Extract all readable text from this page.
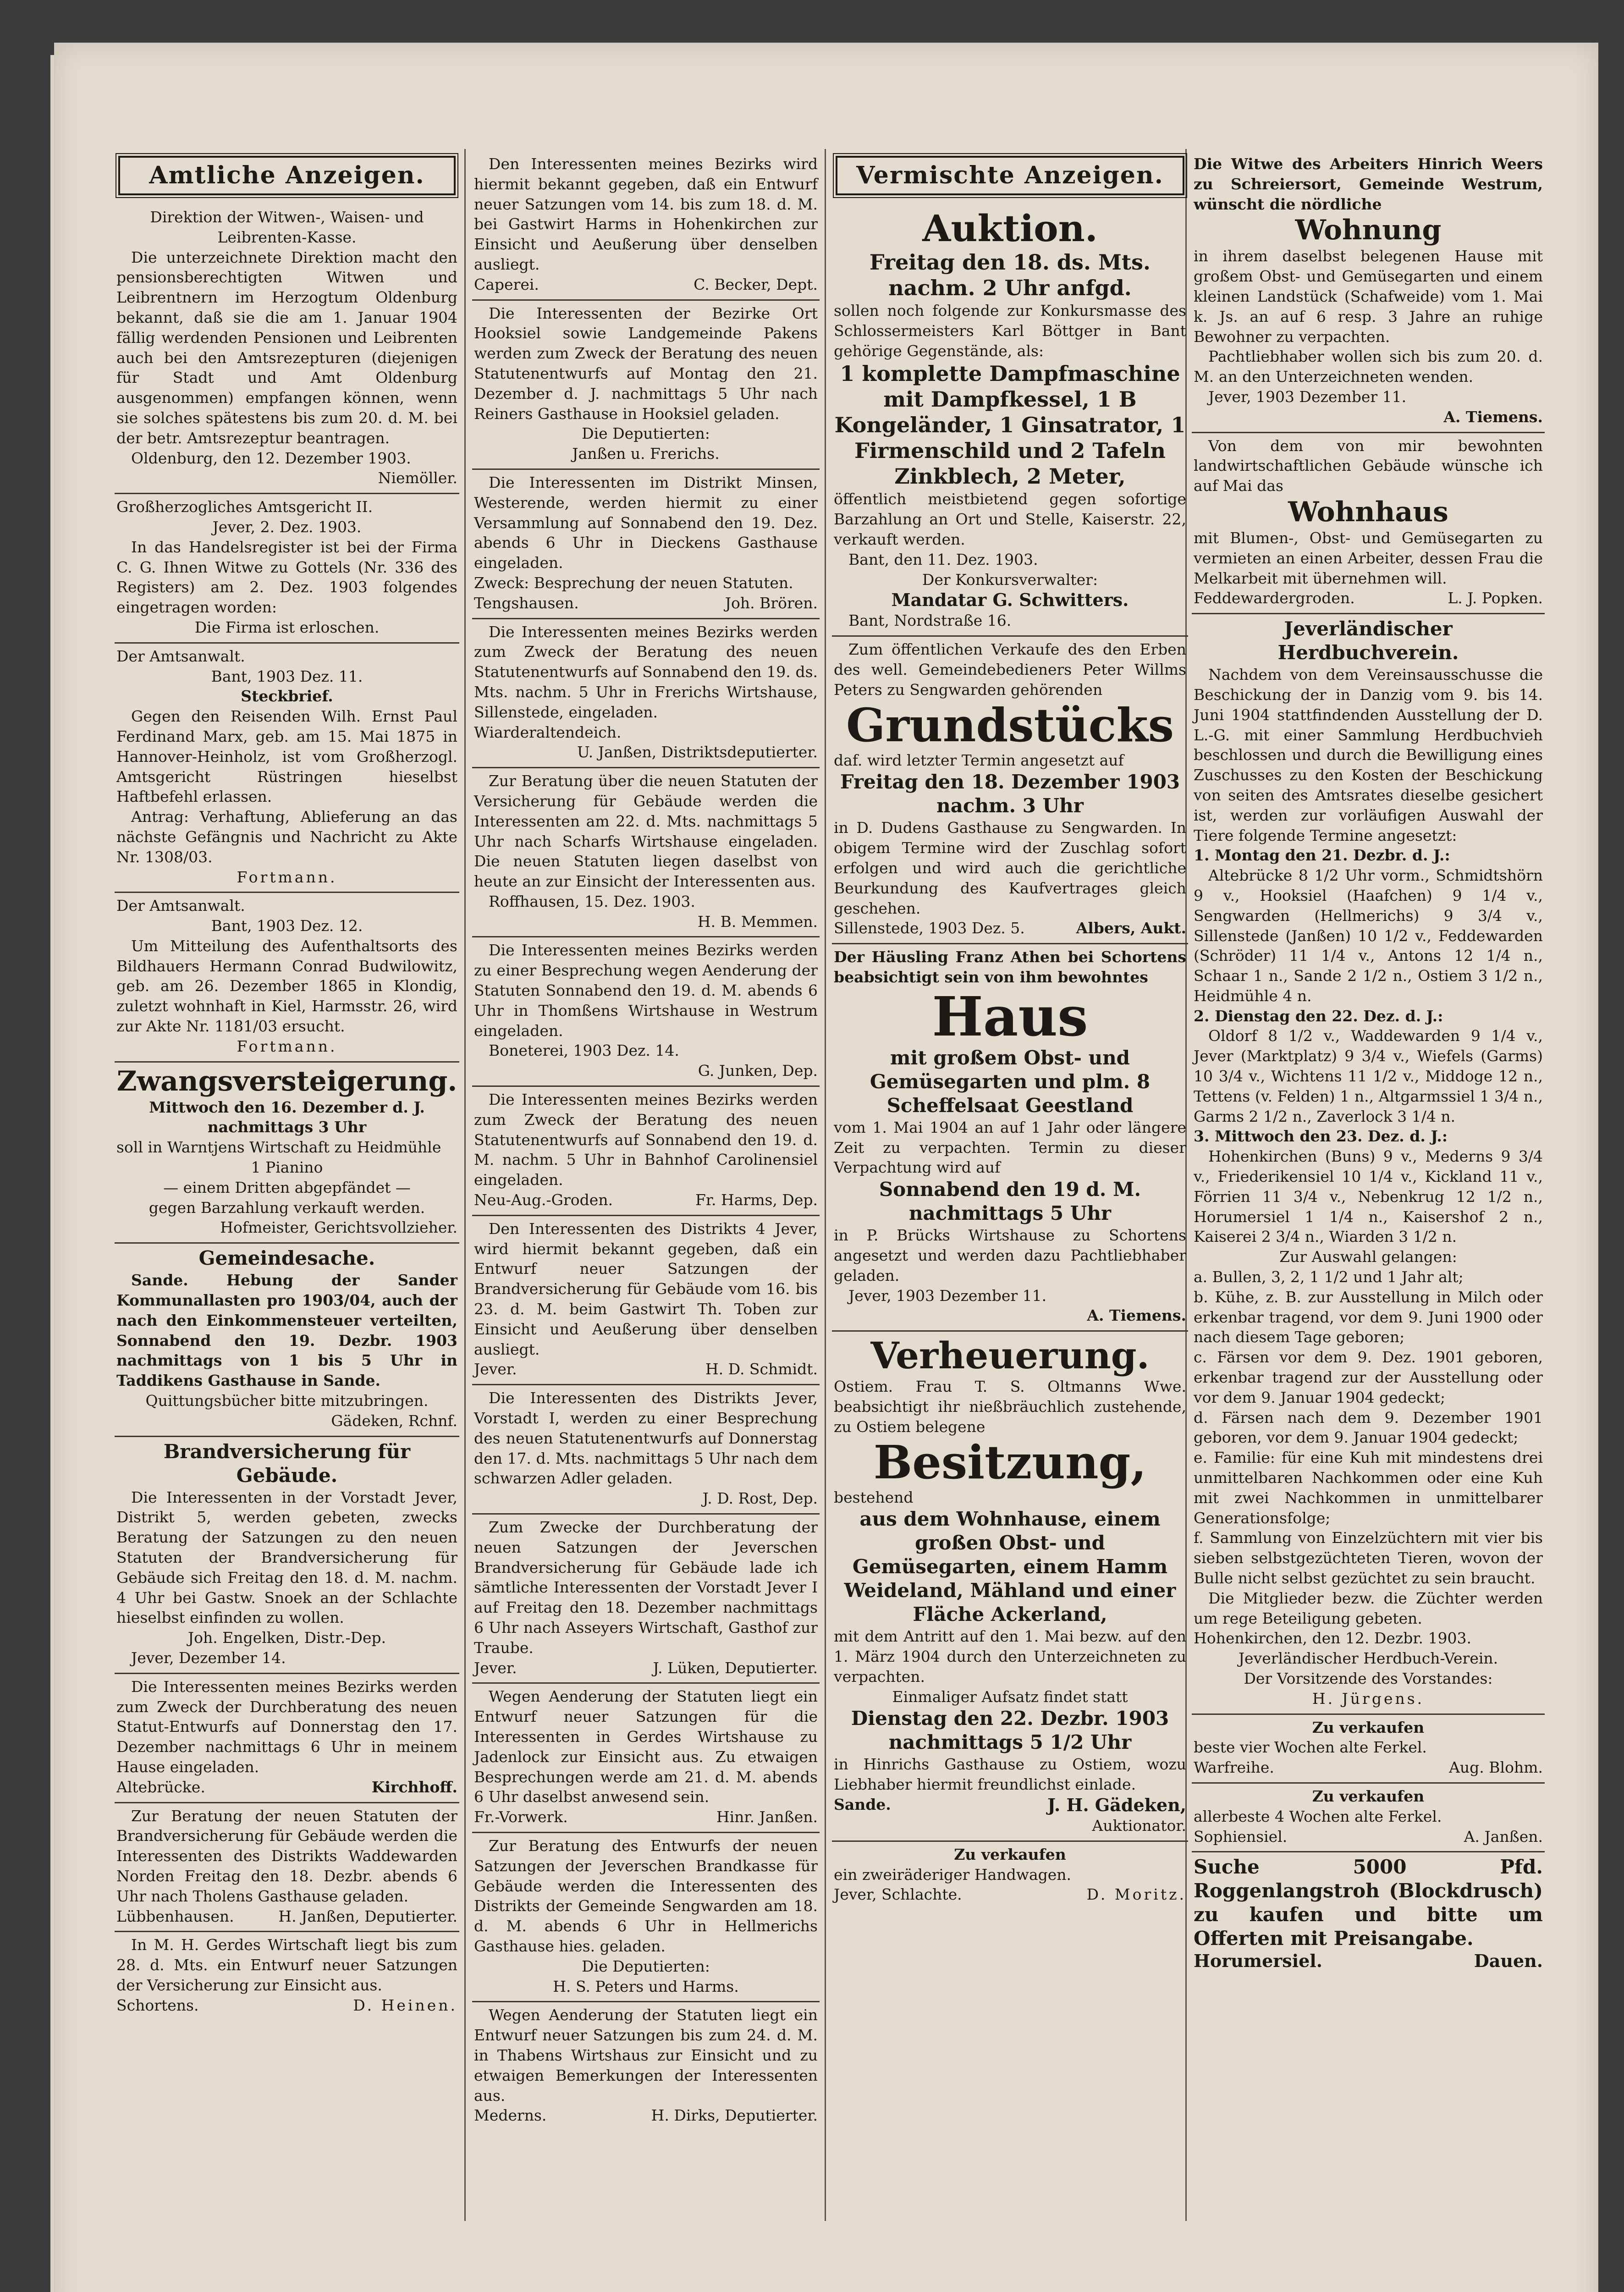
Amtliche Anzeigen.

Direktion der Witwen-, Waisen- und Leibrenten-Kasse.

Die unterzeichnete Direktion macht den pensionsberechtigten Witwen und Leibrentnern im Herzogtum Oldenburg bekannt, daß sie die am 1. Januar 1904 fällig werdenden Pensionen und Leibrenten auch bei den Amtsrezepturen (diejenigen für Stadt und Amt Oldenburg ausgenommen) empfangen können, wenn sie solches spätestens bis zum 20. d. M. bei der betr. Amtsrezeptur beantragen.

Oldenburg, den 12. Dezember 1903.

Niemöller.

Großherzogliches Amtsgericht II.

Jever, 2. Dez. 1903.

In das Handelsregister ist bei der Firma C. G. Ihnen Witwe zu Gottels (Nr. 336 des Registers) am 2. Dez. 1903 folgendes eingetragen worden:

Die Firma ist erloschen.

Der Amtsanwalt.

Bant, 1903 Dez. 11.

Steckbrief.

Gegen den Reisenden Wilh. Ernst Paul Ferdinand Marx, geb. am 15. Mai 1875 in Hannover-Heinholz, ist vom Großherzogl. Amtsgericht Rüstringen hieselbst Haftbefehl erlassen.

Antrag: Verhaftung, Ablieferung an das nächste Gefängnis und Nachricht zu Akte Nr. 1308/03.

Fortmann.

Der Amtsanwalt.

Bant, 1903 Dez. 12.

Um Mitteilung des Aufenthaltsorts des Bildhauers Hermann Conrad Budwilowitz, geb. am 26. Dezember 1865 in Klondig, zuletzt wohnhaft in Kiel, Harmsstr. 26, wird zur Akte Nr. 1181/03 ersucht.

Fortmann.

Zwangsversteigerung.

Mittwoch den 16. Dezember d. J. nachmittags 3 Uhr

soll in Warntjens Wirtschaft zu Heidmühle

1 Pianino

— einem Dritten abgepfändet —

gegen Barzahlung verkauft werden.

Hofmeister, Gerichtsvollzieher.

Gemeindesache.

Sande. Hebung der Sander Kommunallasten pro 1903/04, auch der nach den Einkommensteuer verteilten, Sonnabend den 19. Dezbr. 1903 nachmittags von 1 bis 5 Uhr in Taddikens Gasthause in Sande.

Quittungsbücher bitte mitzubringen.

Gädeken, Rchnf.

Brandversicherung für Gebäude.

Die Interessenten in der Vorstadt Jever, Distrikt 5, werden gebeten, zwecks Beratung der Satzungen zu den neuen Statuten der Brandversicherung für Gebäude sich Freitag den 18. d. M. nachm. 4 Uhr bei Gastw. Snoek an der Schlachte hieselbst einfinden zu wollen.

Joh. Engelken, Distr.-Dep.

Jever, Dezember 14.

Die Interessenten meines Bezirks werden zum Zweck der Durchberatung des neuen Statut-Entwurfs auf Donnerstag den 17. Dezember nachmittags 6 Uhr in meinem Hause eingeladen.

Altebrücke.	Kirchhoff.

Zur Beratung der neuen Statuten der Brandversicherung für Gebäude werden die Interessenten des Distrikts Waddewarden Norden Freitag den 18. Dezbr. abends 6 Uhr nach Tholens Gasthause geladen.

Lübbenhausen.	H. Janßen, Deputierter.

In M. H. Gerdes Wirtschaft liegt bis zum 28. d. Mts. ein Entwurf neuer Satzungen der Versicherung zur Einsicht aus.

Schortens.	D. Heinen.

Den Interessenten meines Bezirks wird hiermit bekannt gegeben, daß ein Entwurf neuer Satzungen vom 14. bis zum 18. d. M. bei Gastwirt Harms in Hohenkirchen zur Einsicht und Aeußerung über denselben ausliegt.

Caperei.	C. Becker, Dept.

Die Interessenten der Bezirke Ort Hooksiel sowie Landgemeinde Pakens werden zum Zweck der Beratung des neuen Statutenentwurfs auf Montag den 21. Dezember d. J. nachmittags 5 Uhr nach Reiners Gasthause in Hooksiel geladen.

Die Deputierten:

Janßen u. Frerichs.

Die Interessenten im Distrikt Minsen, Westerende, werden hiermit zu einer Versammlung auf Sonnabend den 19. Dez. abends 6 Uhr in Dieckens Gasthause eingeladen.

Zweck: Besprechung der neuen Statuten.

Tengshausen.	Joh. Brören.

Die Interessenten meines Bezirks werden zum Zweck der Beratung des neuen Statutenentwurfs auf Sonnabend den 19. ds. Mts. nachm. 5 Uhr in Frerichs Wirtshause, Sillenstede, eingeladen.

Wiarderaltendeich.

U. Janßen, Distriktsdeputierter.

Zur Beratung über die neuen Statuten der Versicherung für Gebäude werden die Interessenten am 22. d. Mts. nachmittags 5 Uhr nach Scharfs Wirtshause eingeladen. Die neuen Statuten liegen daselbst von heute an zur Einsicht der Interessenten aus.

Roffhausen, 15. Dez. 1903.

H. B. Memmen.

Die Interessenten meines Bezirks werden zu einer Besprechung wegen Aenderung der Statuten Sonnabend den 19. d. M. abends 6 Uhr in Thomßens Wirtshause in Westrum eingeladen.

Boneterei, 1903 Dez. 14.

G. Junken, Dep.

Die Interessenten meines Bezirks werden zum Zweck der Beratung des neuen Statutenentwurfs auf Sonnabend den 19. d. M. nachm. 5 Uhr in Bahnhof Carolinensiel eingeladen.

Neu-Aug.-Groden.	Fr. Harms, Dep.

Den Interessenten des Distrikts 4 Jever, wird hiermit bekannt gegeben, daß ein Entwurf neuer Satzungen der Brandversicherung für Gebäude vom 16. bis 23. d. M. beim Gastwirt Th. Toben zur Einsicht und Aeußerung über denselben ausliegt.

Jever.	H. D. Schmidt.

Die Interessenten des Distrikts Jever, Vorstadt I, werden zu einer Besprechung des neuen Statutenentwurfs auf Donnerstag den 17. d. Mts. nachmittags 5 Uhr nach dem schwarzen Adler geladen.

J. D. Rost, Dep.

Zum Zwecke der Durchberatung der neuen Satzungen der Jeverschen Brandversicherung für Gebäude lade ich sämtliche Interessenten der Vorstadt Jever I auf Freitag den 18. Dezember nachmittags 6 Uhr nach Asseyers Wirtschaft, Gasthof zur Traube.

Jever.	J. Lüken, Deputierter.

Wegen Aenderung der Statuten liegt ein Entwurf neuer Satzungen für die Interessenten in Gerdes Wirtshause zu Jadenlock zur Einsicht aus. Zu etwaigen Besprechungen werde am 21. d. M. abends 6 Uhr daselbst anwesend sein.

Fr.-Vorwerk.	Hinr. Janßen.

Zur Beratung des Entwurfs der neuen Satzungen der Jeverschen Brandkasse für Gebäude werden die Interessenten des Distrikts der Gemeinde Sengwarden am 18. d. M. abends 6 Uhr in Hellmerichs Gasthause hies. geladen.

Die Deputierten:

H. S. Peters und Harms.

Wegen Aenderung der Statuten liegt ein Entwurf neuer Satzungen bis zum 24. d. M. in Thabens Wirtshaus zur Einsicht und zu etwaigen Bemerkungen der Interessenten aus.

Mederns.	H. Dirks, Deputierter.
Vermischte Anzeigen.

Auktion.

Freitag den 18. ds. Mts. nachm. 2 Uhr anfgd.

sollen noch folgende zur Konkursmasse des Schlossermeisters Karl Böttger in Bant gehörige Gegenstände, als:

1 komplette Dampfmaschine mit Dampfkessel, 1 B Kongeländer, 1 Ginsatrator, 1 Firmenschild und 2 Tafeln Zinkblech, 2 Meter,

öffentlich meistbietend gegen sofortige Barzahlung an Ort und Stelle, Kaiserstr. 22, verkauft werden.

Bant, den 11. Dez. 1903.

Der Konkursverwalter:

Mandatar G. Schwitters.

Bant, Nordstraße 16.

Zum öffentlichen Verkaufe des den Erben des well. Gemeindebedieners Peter Willms Peters zu Sengwarden gehörenden

Grundstücks

daf. wird letzter Termin angesetzt auf

Freitag den 18. Dezember 1903 nachm. 3 Uhr

in D. Dudens Gasthause zu Sengwarden. In obigem Termine wird der Zuschlag sofort erfolgen und wird auch die gerichtliche Beurkundung des Kaufvertrages gleich geschehen.

Sillenstede, 1903 Dez. 5.	Albers, Aukt.

Der Häusling Franz Athen bei Schortens beabsichtigt sein von ihm bewohntes

Haus

mit großem Obst- und Gemüsegarten und plm. 8 Scheffelsaat Geestland

vom 1. Mai 1904 an auf 1 Jahr oder längere Zeit zu verpachten. Termin zu dieser Verpachtung wird auf

Sonnabend den 19 d. M. nachmittags 5 Uhr

in P. Brücks Wirtshause zu Schortens angesetzt und werden dazu Pachtliebhaber geladen.

Jever, 1903 Dezember 11.

A. Tiemens.

Verheuerung.

Ostiem. Frau T. S. Oltmanns Wwe. beabsichtigt ihr nießbräuchlich zustehende, zu Ostiem belegene

Besitzung,

bestehend

aus dem Wohnhause, einem großen Obst- und Gemüsegarten, einem Hamm Weideland, Mähland und einer Fläche Ackerland,

mit dem Antritt auf den 1. Mai bezw. auf den 1. März 1904 durch den Unterzeichneten zu verpachten.

Einmaliger Aufsatz findet statt

Dienstag den 22. Dezbr. 1903 nachmittags 5 1/2 Uhr

in Hinrichs Gasthause zu Ostiem, wozu Liebhaber hiermit freundlichst einlade.

Sande.	J. H. Gädeken,

Auktionator.

Zu verkaufen

ein zweiräderiger Handwagen.

Jever, Schlachte.	D. Moritz.

Die Witwe des Arbeiters Hinrich Weers zu Schreiersort, Gemeinde Westrum, wünscht die nördliche

Wohnung

in ihrem daselbst belegenen Hause mit großem Obst- und Gemüsegarten und einem kleinen Landstück (Schafweide) vom 1. Mai k. Js. an auf 6 resp. 3 Jahre an ruhige Bewohner zu verpachten.

Pachtliebhaber wollen sich bis zum 20. d. M. an den Unterzeichneten wenden.

Jever, 1903 Dezember 11.

A. Tiemens.

Von dem von mir bewohnten landwirtschaftlichen Gebäude wünsche ich auf Mai das

Wohnhaus

mit Blumen-, Obst- und Gemüsegarten zu vermieten an einen Arbeiter, dessen Frau die Melkarbeit mit übernehmen will.

Feddewardergroden.	L. J. Popken.

Jeverländischer Herdbuchverein.

Nachdem von dem Vereinsausschusse die Beschickung der in Danzig vom 9. bis 14. Juni 1904 stattfindenden Ausstellung der D. L.-G. mit einer Sammlung Herdbuchvieh beschlossen und durch die Bewilligung eines Zuschusses zu den Kosten der Beschickung von seiten des Amtsrates dieselbe gesichert ist, werden zur vorläufigen Auswahl der Tiere folgende Termine angesetzt:

1. Montag den 21. Dezbr. d. J.:

Altebrücke 8 1/2 Uhr vorm., Schmidtshörn 9 v., Hooksiel (Haafchen) 9 1/4 v., Sengwarden (Hellmerichs) 9 3/4 v., Sillenstede (Janßen) 10 1/2 v., Feddewarden (Schröder) 11 1/4 v., Antons 12 1/4 n., Schaar 1 n., Sande 2 1/2 n., Ostiem 3 1/2 n., Heidmühle 4 n.

2. Dienstag den 22. Dez. d. J.:

Oldorf 8 1/2 v., Waddewarden 9 1/4 v., Jever (Marktplatz) 9 3/4 v., Wiefels (Garms) 10 3/4 v., Wichtens 11 1/2 v., Middoge 12 n., Tettens (v. Felden) 1 n., Altgarmssiel 1 3/4 n., Garms 2 1/2 n., Zaverlock 3 1/4 n.

3. Mittwoch den 23. Dez. d. J.:

Hohenkirchen (Buns) 9 v., Mederns 9 3/4 v., Friederikensiel 10 1/4 v., Kickland 11 v., Förrien 11 3/4 v., Nebenkrug 12 1/2 n., Horumersiel 1 1/4 n., Kaisershof 2 n., Kaiserei 2 3/4 n., Wiarden 3 1/2 n.

Zur Auswahl gelangen:

a. Bullen, 3, 2, 1 1/2 und 1 Jahr alt;

b. Kühe, z. B. zur Ausstellung in Milch oder erkenbar tragend, vor dem 9. Juni 1900 oder nach diesem Tage geboren;

c. Färsen vor dem 9. Dez. 1901 geboren, erkenbar tragend zur der Ausstellung oder vor dem 9. Januar 1904 gedeckt;

d. Färsen nach dem 9. Dezember 1901 geboren, vor dem 9. Januar 1904 gedeckt;

e. Familie: für eine Kuh mit mindestens drei unmittelbaren Nachkommen oder eine Kuh mit zwei Nachkommen in unmittelbarer Generationsfolge;

f. Sammlung von Einzelzüchtern mit vier bis sieben selbstgezüchteten Tieren, wovon der Bulle nicht selbst gezüchtet zu sein braucht.

Die Mitglieder bezw. die Züchter werden um rege Beteiligung gebeten.

Hohenkirchen, den 12. Dezbr. 1903.

Jeverländischer Herdbuch-Verein.

Der Vorsitzende des Vorstandes:

H. Jürgens.

Zu verkaufen

beste vier Wochen alte Ferkel.

Warfreihe.	Aug. Blohm.

Zu verkaufen

allerbeste 4 Wochen alte Ferkel.

Sophiensiel.	A. Janßen.

Suche 5000 Pfd. Roggenlangstroh (Blockdrusch) zu kaufen und bitte um Offerten mit Preisangabe.

Horumersiel.	Dauen.
